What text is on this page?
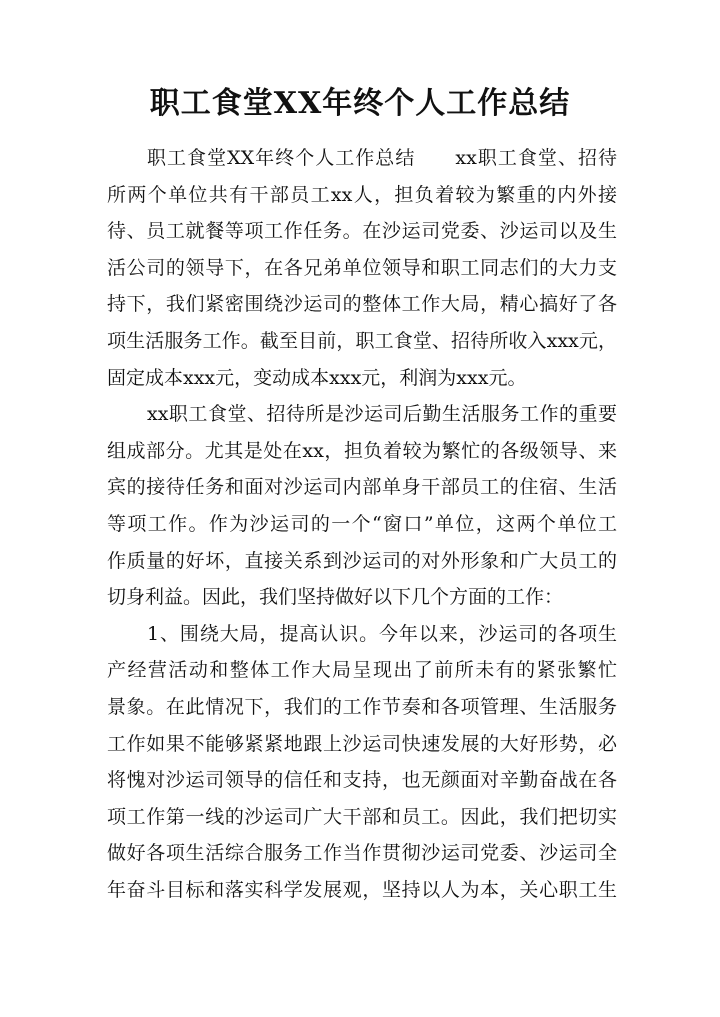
职工食堂XX年终个人工作总结
职工食堂XX年终个人工作总结　　xx职工食堂、招待
所两个单位共有干部员工xx人，担负着较为繁重的内外接
待、员工就餐等项工作任务。在沙运司党委、沙运司以及生
活公司的领导下，在各兄弟单位领导和职工同志们的大力支
持下，我们紧密围绕沙运司的整体工作大局，精心搞好了各
项生活服务工作。截至目前，职工食堂、招待所收入xxx元，
固定成本xxx元，变动成本xxx元，利润为xxx元。
xx职工食堂、招待所是沙运司后勤生活服务工作的重要
组成部分。尤其是处在xx，担负着较为繁忙的各级领导、来
宾的接待任务和面对沙运司内部单身干部员工的住宿、生活
等项工作。作为沙运司的一个“窗口”单位，这两个单位工
作质量的好坏，直接关系到沙运司的对外形象和广大员工的
切身利益。因此，我们坚持做好以下几个方面的工作：
1、围绕大局，提高认识。今年以来，沙运司的各项生
产经营活动和整体工作大局呈现出了前所未有的紧张繁忙
景象。在此情况下，我们的工作节奏和各项管理、生活服务
工作如果不能够紧紧地跟上沙运司快速发展的大好形势，必
将愧对沙运司领导的信任和支持，也无颜面对辛勤奋战在各
项工作第一线的沙运司广大干部和员工。因此，我们把切实
做好各项生活综合服务工作当作贯彻沙运司党委、沙运司全
年奋斗目标和落实科学发展观，坚持以人为本，关心职工生
